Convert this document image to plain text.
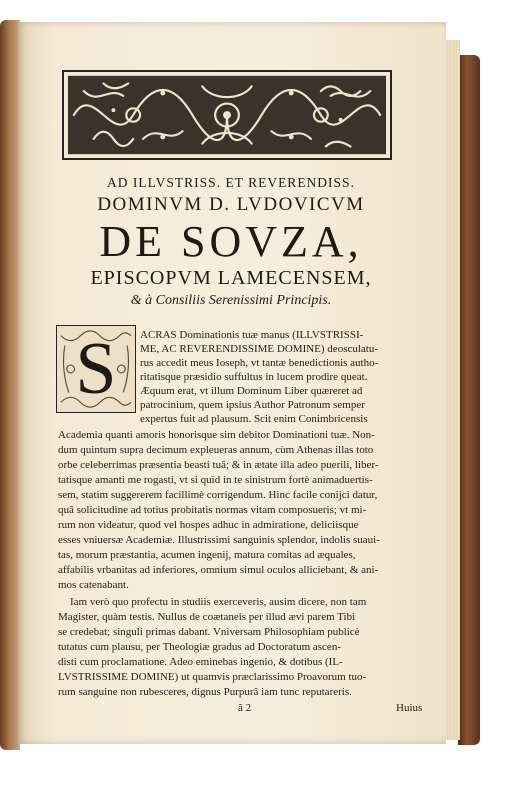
AD ILLVSTRISS. ET REVERENDISS.
DOMINVM D. LVDOVICVM
DE SOVZA,
EPISCOPVM LAMECENSEM,
& à Consiliis Serenissimi Principis.
S	ACRAS Dominationis tuæ manus (ILLVSTRISSI-
ME, AC REVERENDISSIME DOMINE) deosculatu-
rus accedit meus Ioseph, vt tantæ benedictionis autho-
ritatisque præsidio suffultus in lucem prodire queat.
Æquum erat, vt illum Dominum Liber quæreret ad
patrocinium, quem ipsius Author Patronum semper
expertus fuit ad plausum. Scit enim Conimbricensis
Academia quanti amoris honorisque sim debitor Dominationi tuæ. Non-
dum quintum supra decimum expleueras annum, cùm Athenas illas toto
orbe celeberrimas præsentia beasti tuâ; & in ætate illa adeo puerili, liber-
tatisque amanti me rogasti, vt si quid in te sinistrum fortè animaduertis-
sem, statim suggererem facillimè corrigendum. Hinc facile conijci datur,
quâ solicitudine ad totius probitatis normas vitam composueris; vt mi-
rum non videatur, quod vel hospes adhuc in admiratione, deliciisque
esses vniuersæ Academiæ. Illustrissimi sanguinis splendor, indolis suaui-
tas, morum præstantia, acumen ingenij, matura comitas ad æquales,
affabilis vrbanitas ad inferiores, omnium simul oculos alliciebant, & ani-
mos catenabant.
Iam verò quo profectu in studiis exerceveris, ausim dicere, non tam
Magister, quàm testis. Nullus de coætaneis per illud ævi parem Tibi
se credebat; singuli primas dabant. Vniversam Philosophiam publicè
tutatus cum plausu, per Theologiæ gradus ad Doctoratum ascen-
disti cum proclamatione. Adeo eminebas ingenio, & dotibus (IL-
LVSTRISSIME DOMINE) ut quamvis præclarissimo Proavorum tuo-
rum sanguine non rubesceres, dignus Purpurâ iam tunc reputareris.
ã 2	Huius
